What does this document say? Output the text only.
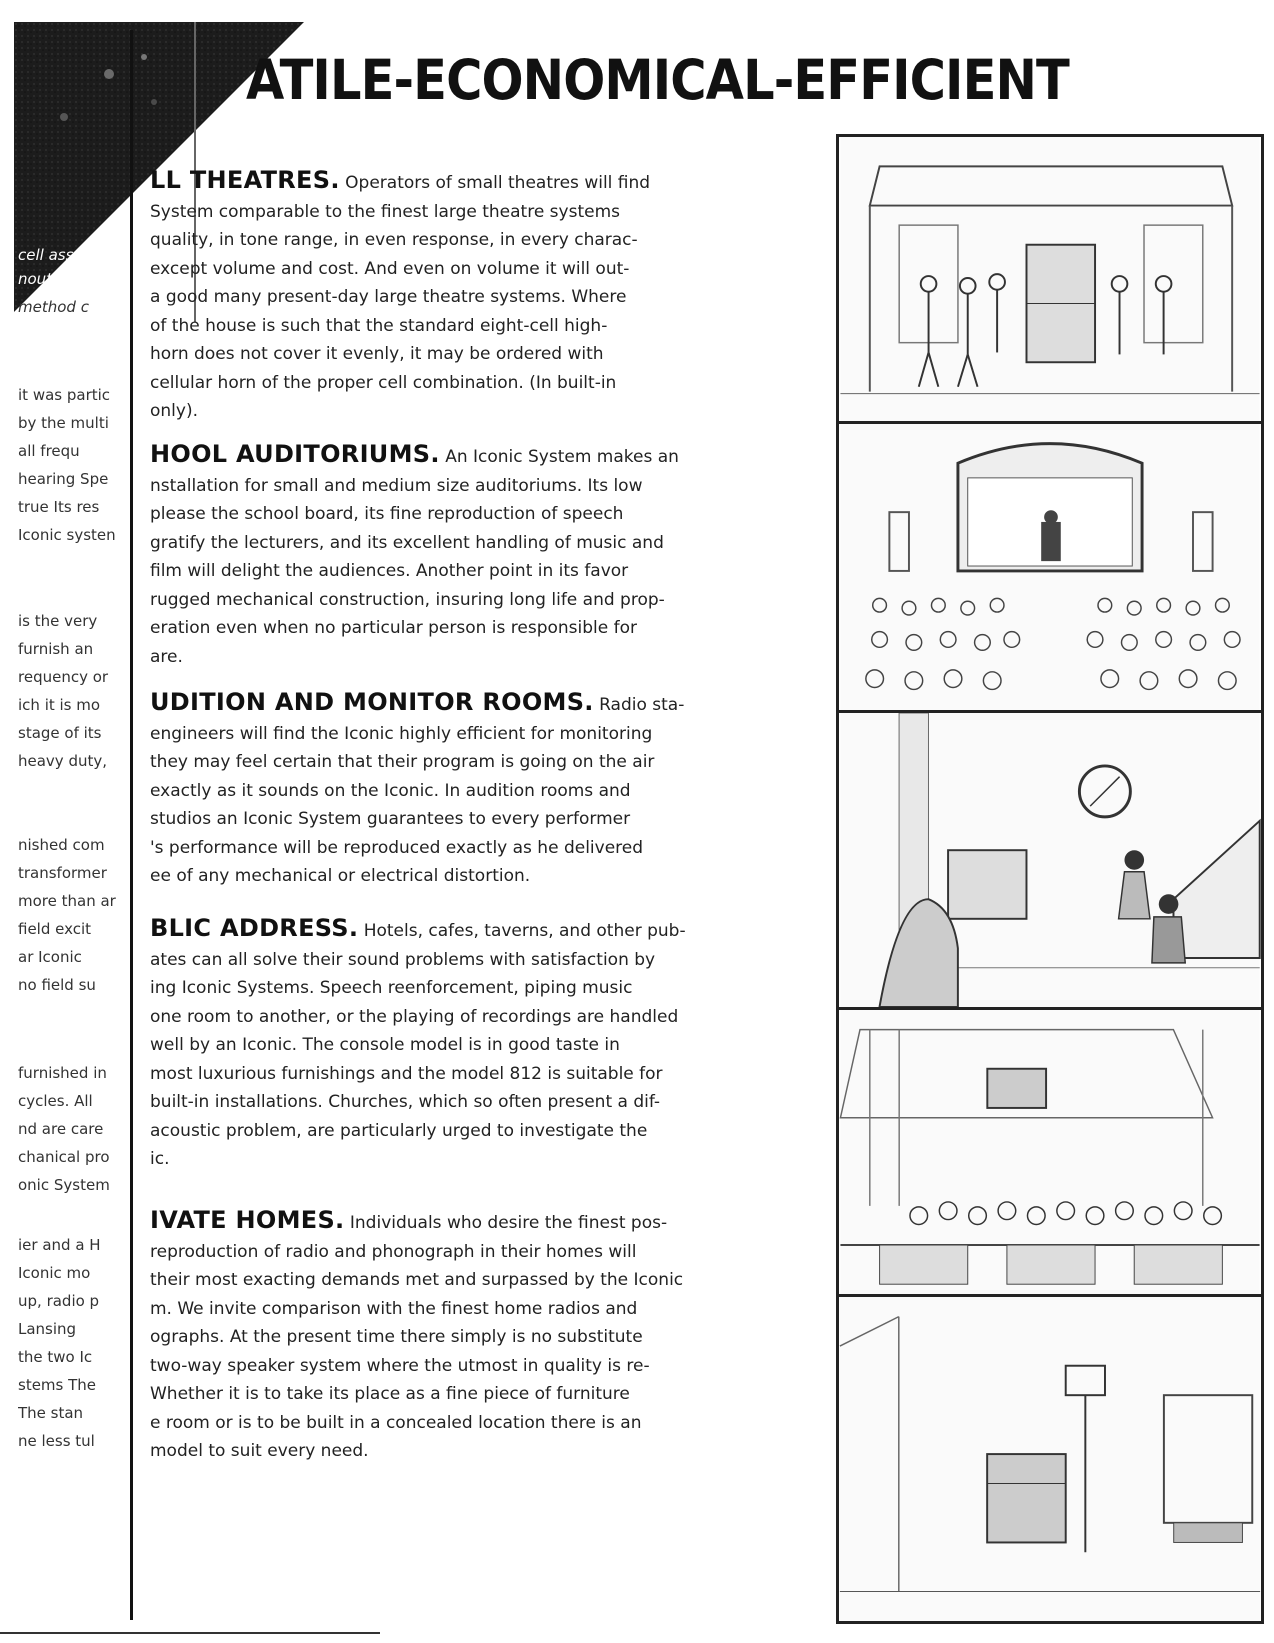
ATILE-ECONOMICAL-EFFICIENT
cell ass
nout objec
method c
it was partic
by the multi
all frequ
hearing Spe
true Its res
Iconic systen
is the very
furnish an
requency or
ich it is mo
stage of its
heavy duty,
nished com
transformer
more than ar
field excit
ar Iconic
no field su
furnished in
cycles. All
nd are care
chanical pro
onic System
ier and a H
Iconic mo
up, radio p
Lansing
the two Ic
stems The
The stan
ne less tul

LL THEATRES. Operators of small theatres will find
System comparable to the finest large theatre systems
quality, in tone range, in even response, in every charac-
except volume and cost. And even on volume it will out-
a good many present-day large theatre systems. Where
of the house is such that the standard eight-cell high-
horn does not cover it evenly, it may be ordered with
cellular horn of the proper cell combination. (In built-in
only).

HOOL AUDITORIUMS. An Iconic System makes an
nstallation for small and medium size auditoriums. Its low
please the school board, its fine reproduction of speech
gratify the lecturers, and its excellent handling of music and
film will delight the audiences. Another point in its favor
rugged mechanical construction, insuring long life and prop-
eration even when no particular person is responsible for
are.

UDITION AND MONITOR ROOMS. Radio sta-
engineers will find the Iconic highly efficient for monitoring
they may feel certain that their program is going on the air
exactly as it sounds on the Iconic. In audition rooms and
studios an Iconic System guarantees to every performer
's performance will be reproduced exactly as he delivered
ee of any mechanical or electrical distortion.

BLIC ADDRESS. Hotels, cafes, taverns, and other pub-
ates can all solve their sound problems with satisfaction by
ing Iconic Systems. Speech reenforcement, piping music
one room to another, or the playing of recordings are handled
well by an Iconic. The console model is in good taste in
most luxurious furnishings and the model 812 is suitable for
built-in installations. Churches, which so often present a dif-
acoustic problem, are particularly urged to investigate the
ic.

IVATE HOMES. Individuals who desire the finest pos-
reproduction of radio and phonograph in their homes will
their most exacting demands met and surpassed by the Iconic
m. We invite comparison with the finest home radios and
ographs. At the present time there simply is no substitute
two-way speaker system where the utmost in quality is re-
Whether it is to take its place as a fine piece of furniture
e room or is to be built in a concealed location there is an
model to suit every need.
